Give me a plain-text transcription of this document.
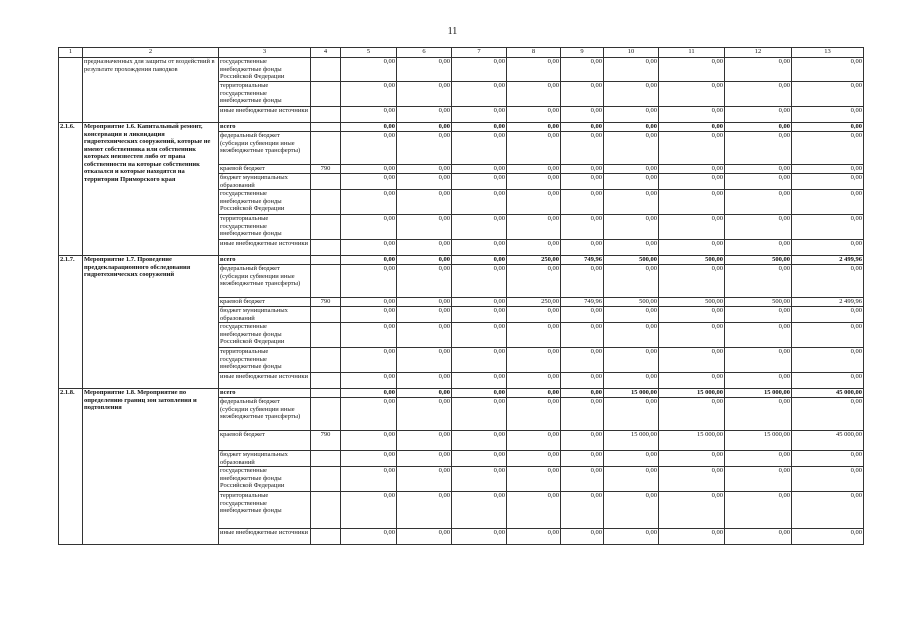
11
1	2	3	4	5	6	7	8	9	10	11	12	13
	предназначенных для защиты от воздействий в результате прохождения паводков	государственные внебюджетные фонды Российской Федерации		0,00	0,00	0,00	0,00	0,00	0,00	0,00	0,00	0,00
		территориальные государственные внебюджетные фонды		0,00	0,00	0,00	0,00	0,00	0,00	0,00	0,00	0,00
		иные внебюджетные источники		0,00	0,00	0,00	0,00	0,00	0,00	0,00	0,00	0,00
2.1.6.	Мероприятие 1.6. Капитальный ремонт, консервация и ликвидация гидротехнических сооружений, которые не имеют собственника или собственник которых неизвестен либо от права собственности на которые собственник отказался и которые находятся на территории Приморского края	всего		0,00	0,00	0,00	0,00	0,00	0,00	0,00	0,00	0,00
		федеральный бюджет (субсидии субвенции иные межбюджетные трансферты)		0,00	0,00	0,00	0,00	0,00	0,00	0,00	0,00	0,00
		краевой бюджет	790	0,00	0,00	0,00	0,00	0,00	0,00	0,00	0,00	0,00
		бюджет муниципальных образований		0,00	0,00	0,00	0,00	0,00	0,00	0,00	0,00	0,00
		государственные внебюджетные фонды Российской Федерации		0,00	0,00	0,00	0,00	0,00	0,00	0,00	0,00	0,00
		территориальные государственные внебюджетные фонды		0,00	0,00	0,00	0,00	0,00	0,00	0,00	0,00	0,00
		иные внебюджетные источники		0,00	0,00	0,00	0,00	0,00	0,00	0,00	0,00	0,00
2.1.7.	Мероприятие 1.7. Проведение преддекларационного обследования гидротехнических сооружений	всего		0,00	0,00	0,00	250,00	749,96	500,00	500,00	500,00	2 499,96
		федеральный бюджет (субсидии субвенции иные межбюджетные трансферты)		0,00	0,00	0,00	0,00	0,00	0,00	0,00	0,00	0,00
		краевой бюджет	790	0,00	0,00	0,00	250,00	749,96	500,00	500,00	500,00	2 499,96
		бюджет муниципальных образований		0,00	0,00	0,00	0,00	0,00	0,00	0,00	0,00	0,00
		государственные внебюджетные фонды Российской Федерации		0,00	0,00	0,00	0,00	0,00	0,00	0,00	0,00	0,00
		территориальные государственные внебюджетные фонды		0,00	0,00	0,00	0,00	0,00	0,00	0,00	0,00	0,00
		иные внебюджетные источники		0,00	0,00	0,00	0,00	0,00	0,00	0,00	0,00	0,00
2.1.8.	Мероприятие 1.8. Мероприятие по определению границ зон затопления и подтопления	всего		0,00	0,00	0,00	0,00	0,00	15 000,00	15 000,00	15 000,00	45 000,00
		федеральный бюджет (субсидии субвенции иные межбюджетные трансферты)		0,00	0,00	0,00	0,00	0,00	0,00	0,00	0,00	0,00
		краевой бюджет	790	0,00	0,00	0,00	0,00	0,00	15 000,00	15 000,00	15 000,00	45 000,00
		бюджет муниципальных образований		0,00	0,00	0,00	0,00	0,00	0,00	0,00	0,00	0,00
		государственные внебюджетные фонды Российской Федерации		0,00	0,00	0,00	0,00	0,00	0,00	0,00	0,00	0,00
		территориальные государственные внебюджетные фонды		0,00	0,00	0,00	0,00	0,00	0,00	0,00	0,00	0,00
		иные внебюджетные источники		0,00	0,00	0,00	0,00	0,00	0,00	0,00	0,00	0,00
